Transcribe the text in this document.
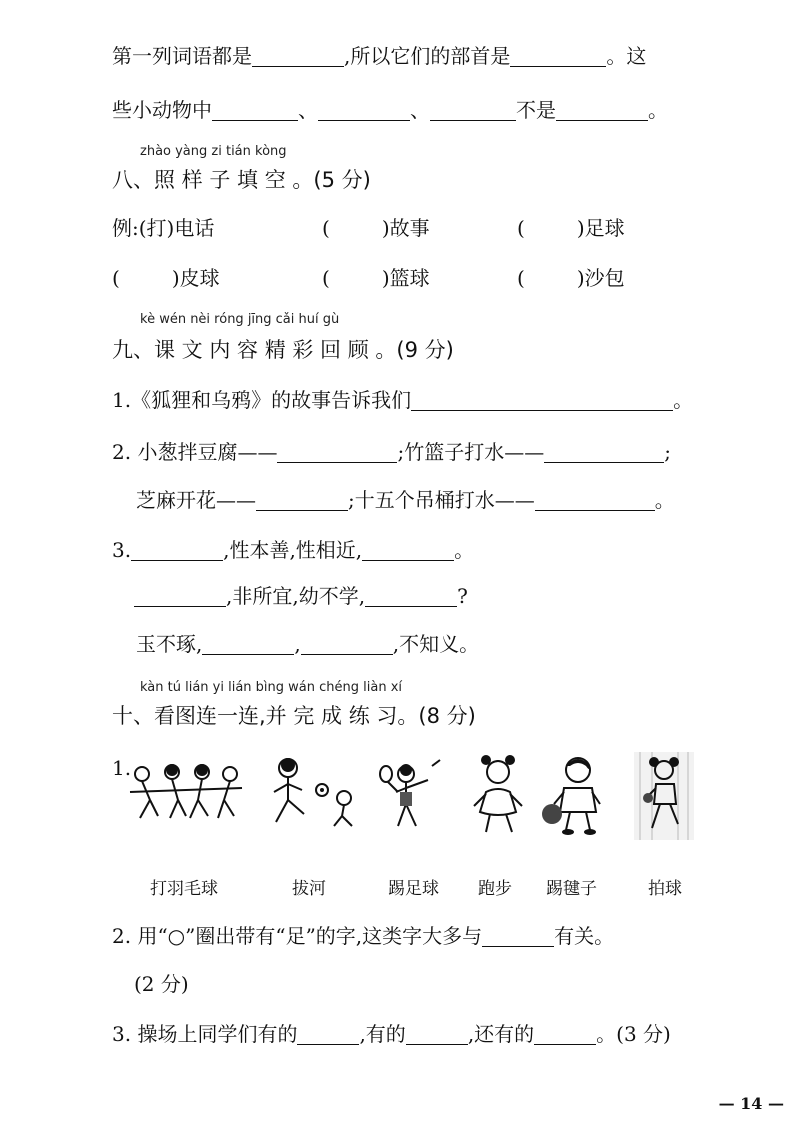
第一列词语都是	,所以它们的部首是	。这
些小动物中	、	、	不是	。
zhào yàng zi tián kòng
八、照 样 子 填 空 。(5 分)
例:(打)电话	(	)故事	(	)足球
(	)皮球	(	)篮球	(	)沙包
kè wén nèi róng jīng cǎi huí gù
九、课 文 内 容 精 彩 回 顾 。(9 分)
1.《狐狸和乌鸦》的故事告诉我们	。
2. 小葱拌豆腐——	;竹篮子打水——	;
芝麻开花——	;十五个吊桶打水——	。
3.	,性本善,性相近,	。
,非所宜,幼不学,	?
玉不琢,	,	,不知义。
kàn tú lián yi lián bìng wán chéng liàn xí
十、看图连一连,并 完 成 练 习。(8 分)
1.
打羽毛球	拔河	踢足球 跑步 踢毽子	拍球
2. 用“○”圈出带有“足”的字,这类字大多与	有关。
(2 分)
3. 操场上同学们有的	,有的	,还有的	。(3 分)
— 14 —
